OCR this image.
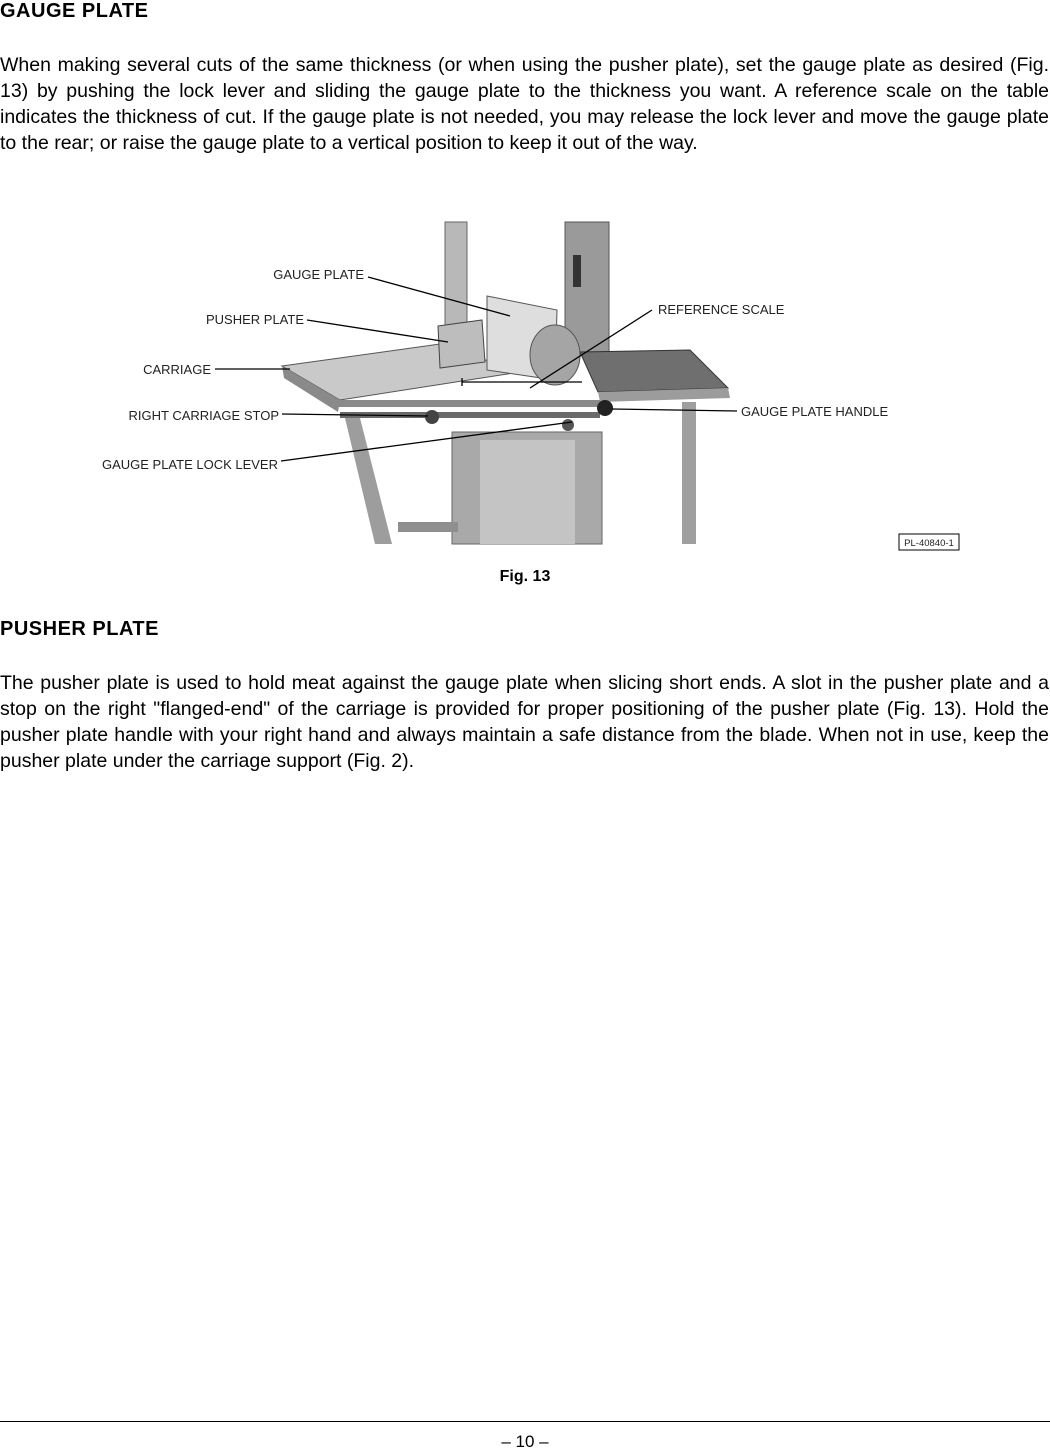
GAUGE PLATE

When making several cuts of the same thickness (or when using the pusher plate), set the gauge plate as desired (Fig. 13) by pushing the lock lever and sliding the gauge plate to the thickness you want. A reference scale on the table indicates the thickness of cut. If the gauge plate is not needed, you may release the lock lever and move the gauge plate to the rear; or raise the gauge plate to a vertical position to keep it out of the way.

GAUGE PLATE
PUSHER PLATE
CARRIAGE
RIGHT CARRIAGE STOP
GAUGE PLATE LOCK LEVER
REFERENCE SCALE
GAUGE PLATE HANDLE
PL-40840-1
Fig. 13
PUSHER PLATE

The pusher plate is used to hold meat against the gauge plate when slicing short ends. A slot in the pusher plate and a stop on the right "flanged-end" of the carriage is provided for proper positioning of the pusher plate (Fig. 13). Hold the pusher plate handle with your right hand and always maintain a safe distance from the blade. When not in use, keep the pusher plate under the carriage support (Fig. 2).

– 10 –
